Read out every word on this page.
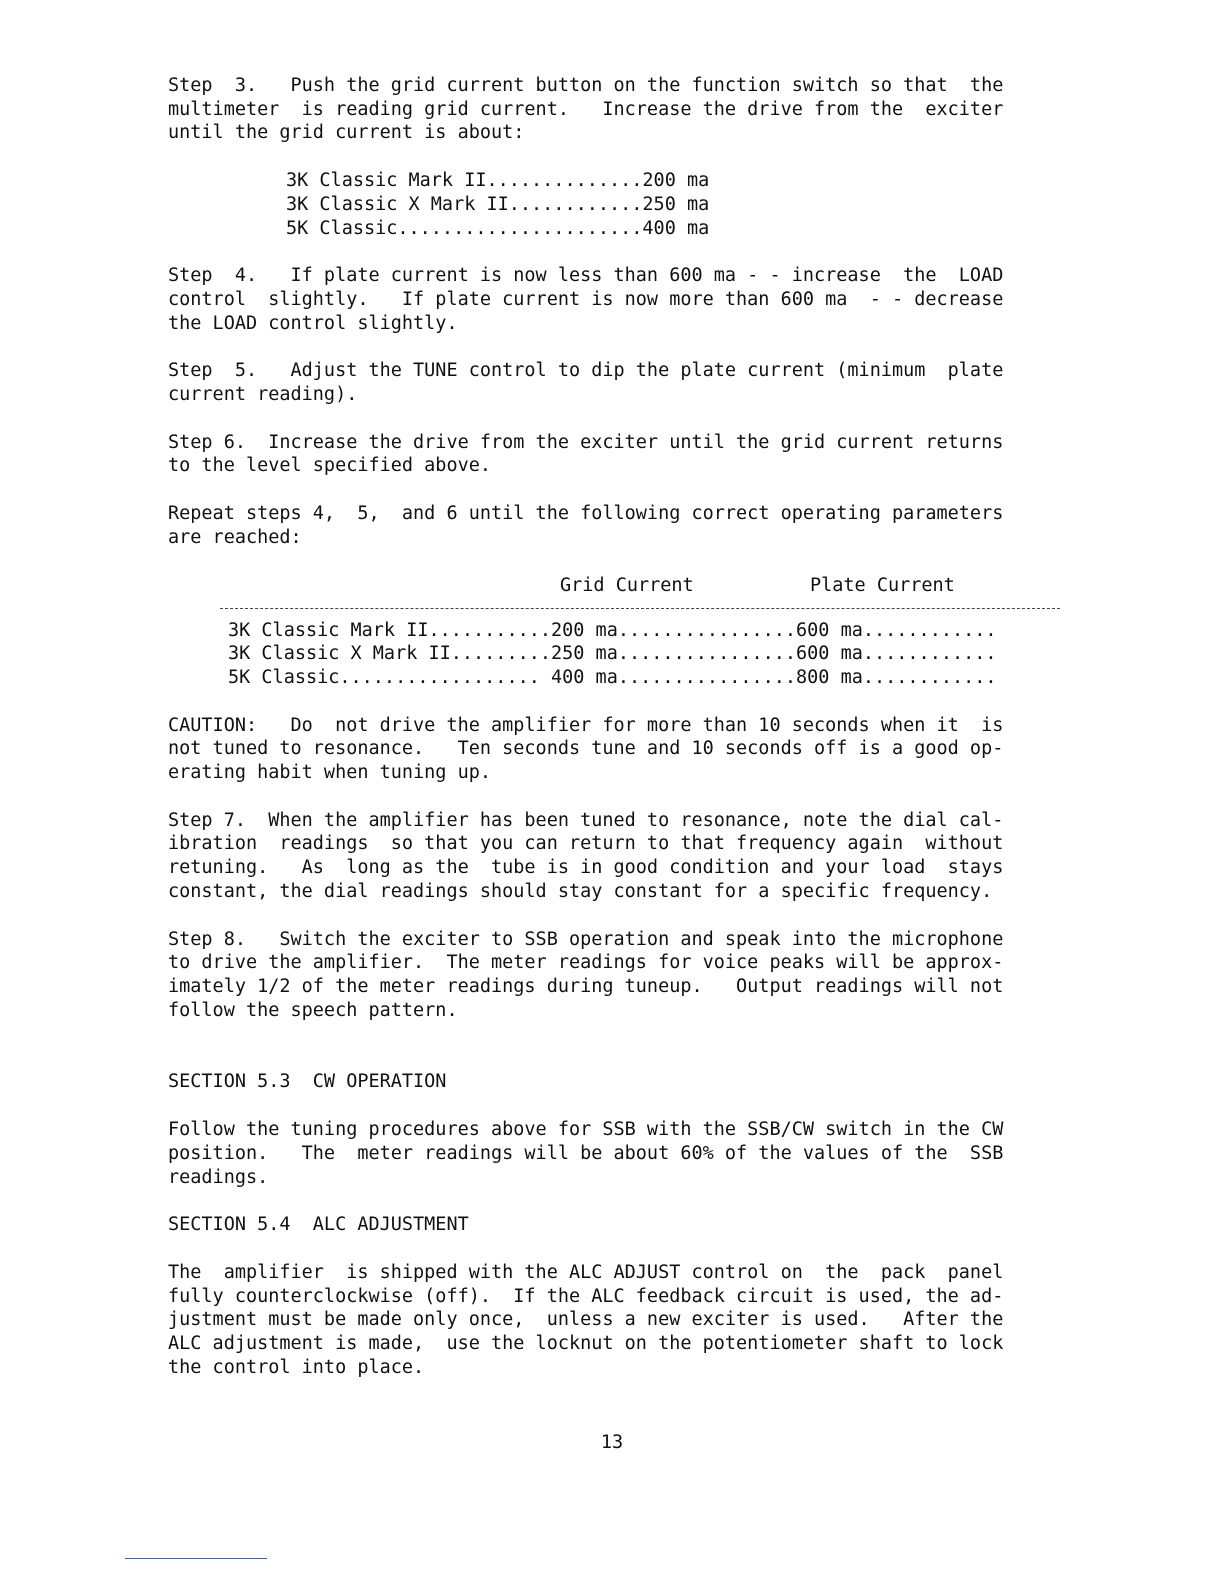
Step  3.   Push the grid current button on the function switch so that  the

multimeter  is reading grid current.   Increase the drive from the  exciter

until the grid current is about:

3K Classic Mark II..............200 ma

3K Classic X Mark II............250 ma

5K Classic......................400 ma

Step  4.   If plate current is now less than 600 ma - - increase  the  LOAD

control  slightly.   If plate current is now more than 600 ma  - - decrease

the LOAD control slightly.

Step  5.   Adjust the TUNE control to dip the plate current (minimum  plate

current reading).

Step 6.  Increase the drive from the exciter until the grid current returns

to the level specified above.

Repeat steps 4,  5,  and 6 until the following correct operating parameters

are reached:

Grid Current	Plate Current

3K Classic Mark II...........200 ma................600 ma............

3K Classic X Mark II.........250 ma................600 ma............

5K Classic.................. 400 ma................800 ma............

CAUTION:   Do  not drive the amplifier for more than 10 seconds when it  is

not tuned to resonance.   Ten seconds tune and 10 seconds off is a good op-

erating habit when tuning up.

Step 7.  When the amplifier has been tuned to resonance, note the dial cal-

ibration  readings  so that you can return to that frequency again  without

retuning.   As  long as the  tube is in good condition and your load  stays

constant, the dial readings should stay constant for a specific frequency.

Step 8.   Switch the exciter to SSB operation and speak into the microphone

to drive the amplifier.  The meter readings for voice peaks will be approx-

imately 1/2 of the meter readings during tuneup.   Output readings will not

follow the speech pattern.

SECTION 5.3  CW OPERATION

Follow the tuning procedures above for SSB with the SSB/CW switch in the CW

position.   The  meter readings will be about 60% of the values of the  SSB

readings.

SECTION 5.4  ALC ADJUSTMENT

The  amplifier  is shipped with the ALC ADJUST control on  the  pack  panel

fully counterclockwise (off).  If the ALC feedback circuit is used, the ad-

justment must be made only once,  unless a new exciter is used.   After the

ALC adjustment is made,  use the locknut on the potentiometer shaft to lock

the control into place.

13
